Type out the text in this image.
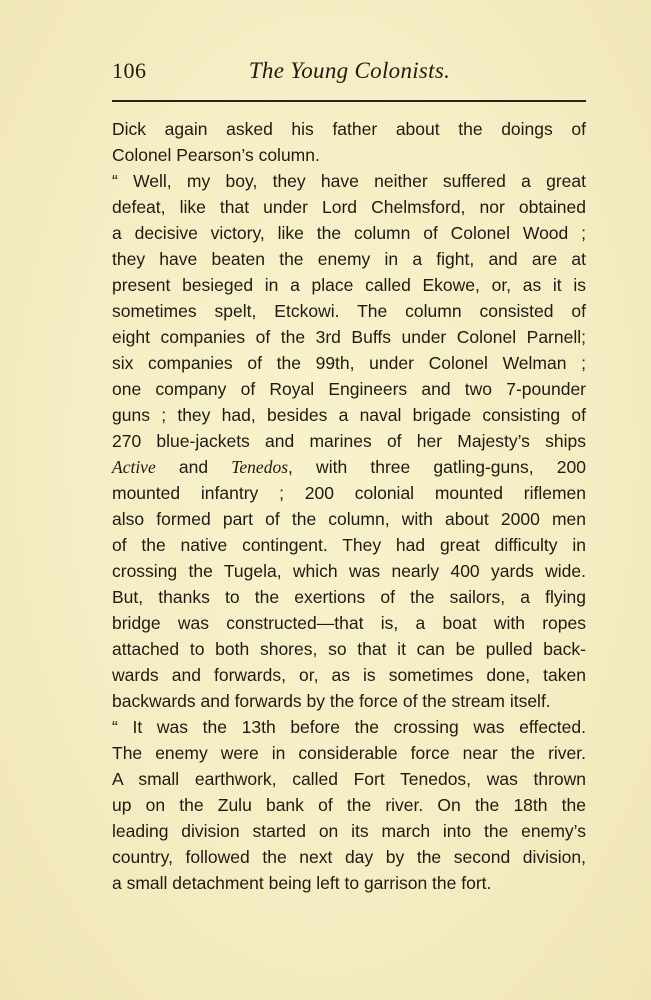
106	The Young Colonists.
Dick again asked his father about the doings of
Colonel Pearson’s column.
“ Well, my boy, they have neither suffered a great
defeat, like that under Lord Chelmsford, nor obtained
a decisive victory, like the column of Colonel Wood ;
they have beaten the enemy in a fight, and are at
present besieged in a place called Ekowe, or, as it is
sometimes spelt, Etckowi. The column consisted of
eight companies of the 3rd Buffs under Colonel Parnell;
six companies of the 99th, under Colonel Welman ;
one company of Royal Engineers and two 7-pounder
guns ; they had, besides a naval brigade consisting of
270 blue-jackets and marines of her Majesty’s ships
Active and Tenedos, with three gatling-guns, 200
mounted infantry ; 200 colonial mounted riflemen
also formed part of the column, with about 2000 men
of the native contingent. They had great difficulty in
crossing the Tugela, which was nearly 400 yards wide.
But, thanks to the exertions of the sailors, a flying
bridge was constructed—that is, a boat with ropes
attached to both shores, so that it can be pulled back-
wards and forwards, or, as is sometimes done, taken
backwards and forwards by the force of the stream itself.
“ It was the 13th before the crossing was effected.
The enemy were in considerable force near the river.
A small earthwork, called Fort Tenedos, was thrown
up on the Zulu bank of the river. On the 18th the
leading division started on its march into the enemy’s
country, followed the next day by the second division,
a small detachment being left to garrison the fort.
